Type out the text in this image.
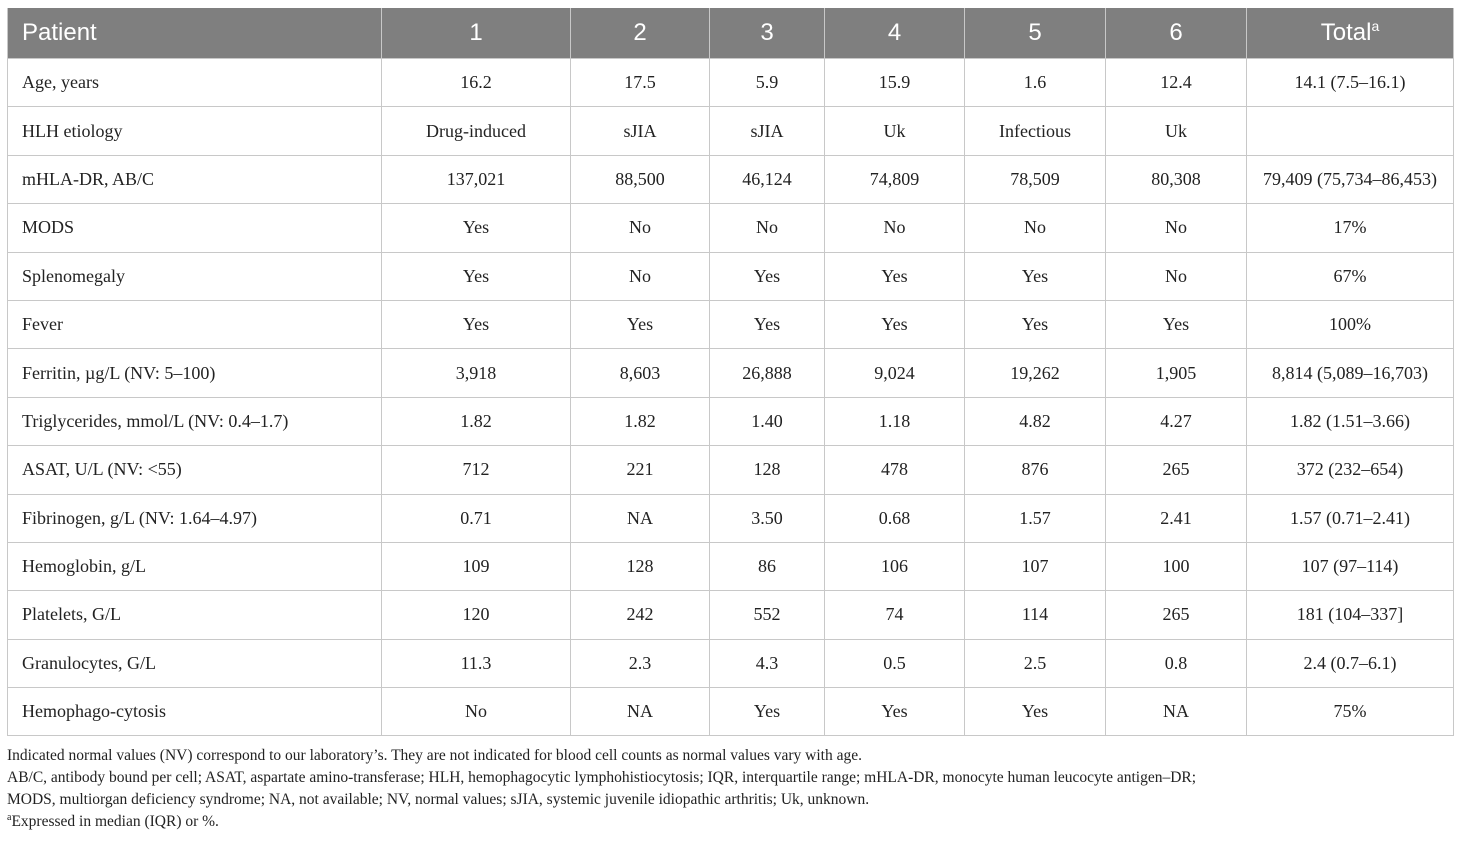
Patient	1	2	3	4	5	6	Total$^a$
Age, years	16.2	17.5	5.9	15.9	1.6	12.4	14.1 (7.5–16.1)
HLH etiology	Drug-induced	sJIA	sJIA	Uk	Infectious	Uk	
mHLA-DR, AB/C	137,021	88,500	46,124	74,809	78,509	80,308	79,409 (75,734–86,453)
MODS	Yes	No	No	No	No	No	17%
Splenomegaly	Yes	No	Yes	Yes	Yes	No	67%
Fever	Yes	Yes	Yes	Yes	Yes	Yes	100%
Ferritin, µg/L (NV: 5–100)	3,918	8,603	26,888	9,024	19,262	1,905	8,814 (5,089–16,703)
Triglycerides, mmol/L (NV: 0.4–1.7)	1.82	1.82	1.40	1.18	4.82	4.27	1.82 (1.51–3.66)
ASAT, U/L (NV: <55)	712	221	128	478	876	265	372 (232–654)
Fibrinogen, g/L (NV: 1.64–4.97)	0.71	NA	3.50	0.68	1.57	2.41	1.57 (0.71–2.41)
Hemoglobin, g/L	109	128	86	106	107	100	107 (97–114)
Platelets, G/L	120	242	552	74	114	265	181 (104–337]
Granulocytes, G/L	11.3	2.3	4.3	0.5	2.5	0.8	2.4 (0.7–6.1)
Hemophago-cytosis	No	NA	Yes	Yes	Yes	NA	75%

Indicated normal values (NV) correspond to our laboratory’s. They are not indicated for blood cell counts as normal values vary with age.

AB/C, antibody bound per cell; ASAT, aspartate amino-transferase; HLH, hemophagocytic lymphohistiocytosis; IQR, interquartile range; mHLA-DR, monocyte human leucocyte antigen–DR;

MODS, multiorgan deficiency syndrome; NA, not available; NV, normal values; sJIA, systemic juvenile idiopathic arthritis; Uk, unknown.

$^a$Expressed in median (IQR) or %.
